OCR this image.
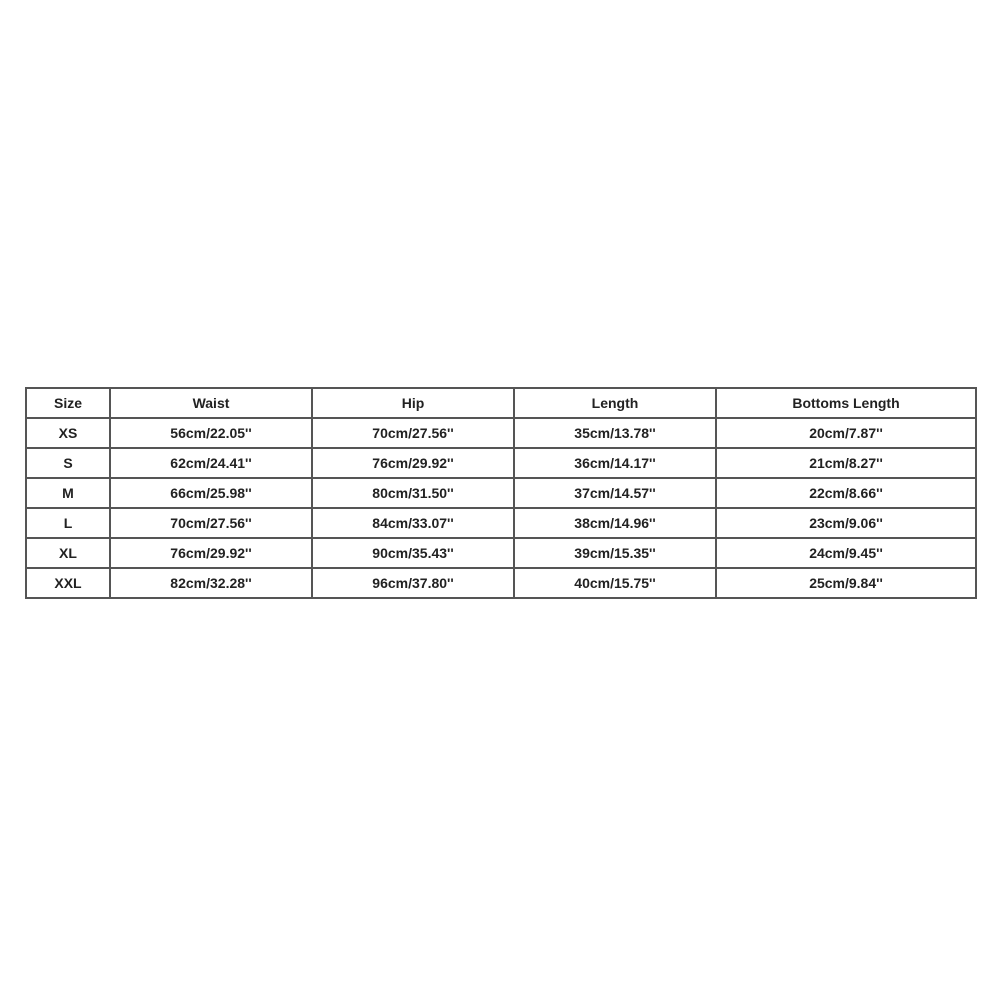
Size	Waist	Hip	Length	Bottoms Length
XS	56cm/22.05''	70cm/27.56''	35cm/13.78''	20cm/7.87''
S	62cm/24.41''	76cm/29.92''	36cm/14.17''	21cm/8.27''
M	66cm/25.98''	80cm/31.50''	37cm/14.57''	22cm/8.66''
L	70cm/27.56''	84cm/33.07''	38cm/14.96''	23cm/9.06''
XL	76cm/29.92''	90cm/35.43''	39cm/15.35''	24cm/9.45''
XXL	82cm/32.28''	96cm/37.80''	40cm/15.75''	25cm/9.84''
